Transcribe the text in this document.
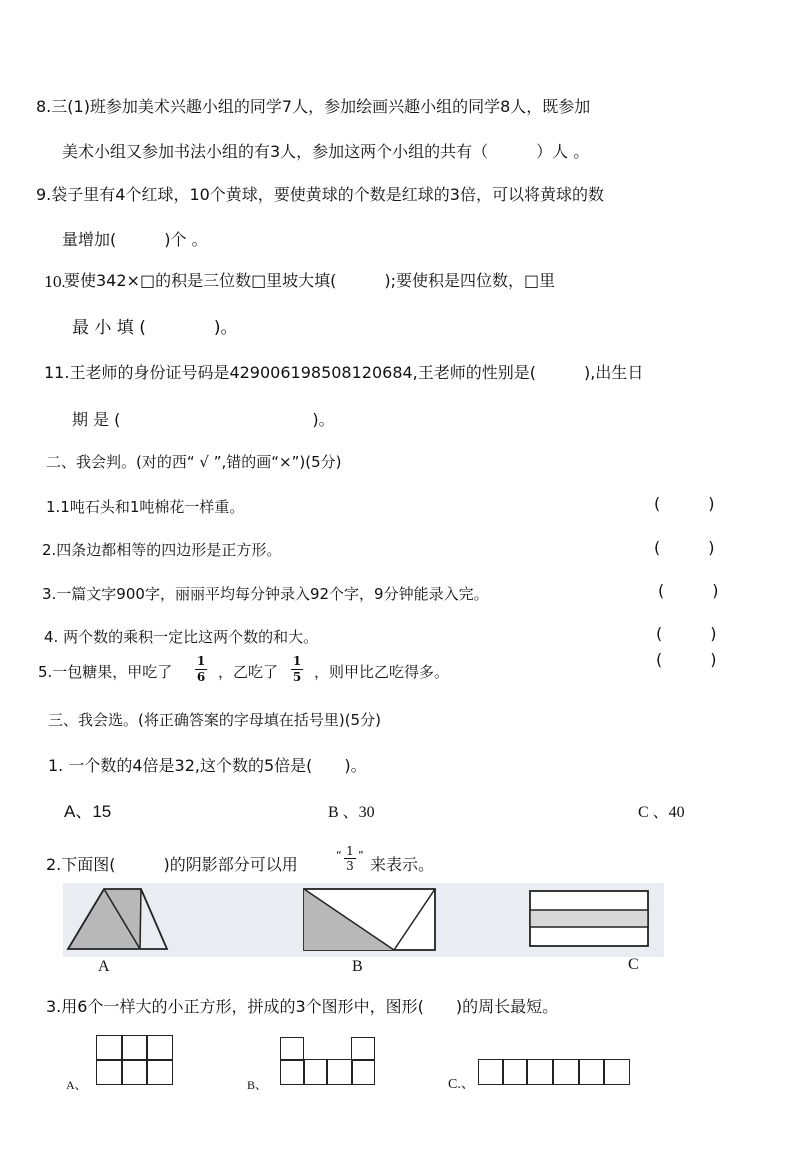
8.三(1)班参加美术兴趣小组的同学7人，参加绘画兴趣小组的同学8人，既参加
美术小组又参加书法小组的有3人，参加这两个小组的共有（　　　）人 。
9.袋子里有4个红球，10个黄球，要使黄球的个数是红球的3倍，可以将黄球的数
量增加(　　　)个 。
10. 要使342×□的积是三位数□里坡大填(　　　);要使积是四位数，□里
最 小 填 (　　　　)。
11.王老师的身份证号码是429006198508120684,王老师的性别是(　　　),出生日
期 是 (　　　　　　　　　　　　)。
二、我会判。(对的西“ √ ”,错的画“×”)(5分)
1.1吨石头和1吨棉花一样重。	(　　　)
2.四条边都相等的四边形是正方形。	(　　　)
3.一篇文字900字，丽丽平均每分钟录入92个字，9分钟能录入完。	(　　　)
4. 两个数的乘积一定比这两个数的和大。	(　　　)
5.一包糖果，甲吃了
1
6 ，乙吃了
1
5 ，则甲比乙吃得多。
(　　　)
三、我会选。(将正确答案的字母填在括号里)(5分)
1. 一个数的4倍是32,这个数的5倍是(　　)。
A、15	B 、30	C 、40
2.下面图(　　　)的阴影部分可以用
1
3
“ ” 来表示。
A	B	C
3.用6个一样大的小正方形，拼成的3个图形中，图形(　　)的周长最短。
A、	B、	C.、
